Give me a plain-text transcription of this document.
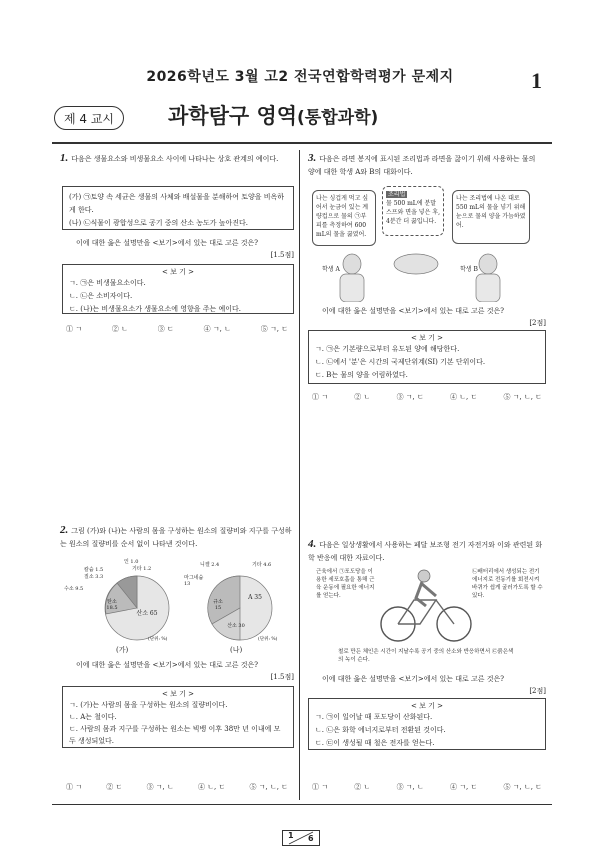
2026학년도 3월 고2 전국연합학력평가 문제지	1
제 4 교시	과학탐구 영역(통합과학)
1. 다음은 생물요소와 비생물요소 사이에 나타나는 상호 관계의 예이다.
(가) ㉠토양 속 세균은 생물의 사체와 배설물을 분해하여 토양을 비옥하게 한다.
(나) ㉡식물이 광합성으로 공기 중의 산소 농도가 높아진다.
이에 대한 옳은 설명만을 <보기>에서 있는 대로 고른 것은?
[1.5점]
< 보 기 >
ㄱ. ㉠은 비생물요소이다.
ㄴ. ㉡은 소비자이다.
ㄷ. (나)는 비생물요소가 생물요소에 영향을 주는 예이다.
① ㄱ	② ㄴ	③ ㄷ	④ ㄱ, ㄴ	⑤ ㄱ, ㄷ
2. 그림 (가)와 (나)는 사람의 몸을 구성하는 원소의 질량비와 지구를 구성하는 원소의 질량비를 순서 없이 나타낸 것이다.
인 1.0
기타 1.2
칼슘 1.5
질소 3.3
수소 9.5
탄소 18.5
산소 65
(단위: %)
니켈 2.4	기타 4.6
마그네슘 13
규소 15
A 35
산소 30
(단위: %)
(가)	(나)
이에 대한 옳은 설명만을 <보기>에서 있는 대로 고른 것은?
[1.5점]
< 보 기 >
ㄱ. (가)는 사람의 몸을 구성하는 원소의 질량비이다.
ㄴ. A는 철이다.
ㄷ. 사람의 몸과 지구를 구성하는 원소는 빅뱅 이후 38만 년 이내에 모두 생성되었다.
① ㄱ	② ㄷ	③ ㄱ, ㄴ	④ ㄴ, ㄷ	⑤ ㄱ, ㄴ, ㄷ
3. 다음은 라면 봉지에 표시된 조리법과 라면을 끓이기 위해 사용하는 물의 양에 대한 학생 A와 B의 대화이다.
나는 싱겁게 먹고 싶어서 눈금이 있는 계량컵으로 물의 ㉠부피를 측정하여 600 mL의 물을 끓였어.
조리법
물 500 mL에 분말스프와 면을 넣은 후, 4분간 더 끓입니다.
나는 조리법에 나온 대로 550 mL의 물을 넣기 위해 눈으로 물의 양을 가늠하였어.
학생 A	학생 B
이에 대한 옳은 설명만을 <보기>에서 있는 대로 고른 것은?
[2점]
< 보 기 >
ㄱ. ㉠은 기본량으로부터 유도된 양에 해당한다.
ㄴ. ㉡에서 '분'은 시간의 국제단위계(SI) 기본 단위이다.
ㄷ. B는 물의 양을 어림하였다.
① ㄱ	② ㄴ	③ ㄱ, ㄷ	④ ㄴ, ㄷ	⑤ ㄱ, ㄴ, ㄷ
4. 다음은 일상생활에서 사용하는 페달 보조형 전기 자전거와 이와 관련된 화학 반응에 대한 자료이다.
근육에서 ㉠포도당을 이용한 세포호흡을 통해 근육 운동에 필요한 에너지를 얻는다.
㉡배터리에서 생성되는 전기 에너지로 전동기를 회전시켜 바퀴가 쉽게 굴러가도록 할 수 있다.
철로 만든 체인은 시간이 지날수록 공기 중의 산소와 반응하면서 ㉢붉은색의 녹이 슨다.
이에 대한 옳은 설명만을 <보기>에서 있는 대로 고른 것은?
[2점]
< 보 기 >
ㄱ. ㉠이 일어날 때 포도당이 산화된다.
ㄴ. ㉡은 화학 에너지로부터 전환된 것이다.
ㄷ. ㉢이 생성될 때 철은 전자를 얻는다.
① ㄱ	② ㄴ	③ ㄱ, ㄴ	④ ㄱ, ㄷ	⑤ ㄱ, ㄴ, ㄷ
1 6
